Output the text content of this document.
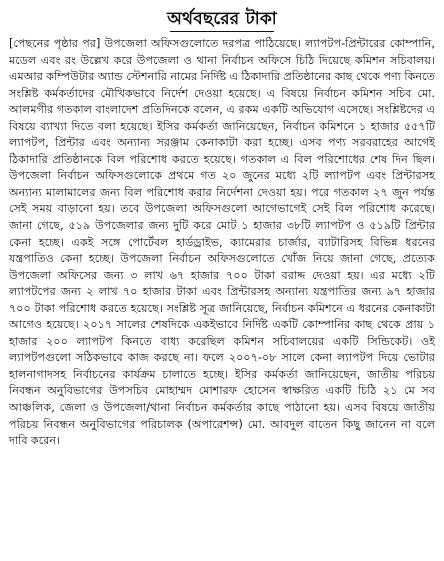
অর্থবছরের টাকা

[পেছনের পৃষ্ঠার পর] উপজেলা অফিসগুলোতে দরপত্র পাঠিয়েছে। ল্যাপটপ-প্রিন্টারের কোম্পানি, মডেল এবং রং উল্লেখ করে উপজেলা ও থানা নির্বাচন অফিসে চিঠি দিয়েছে কমিশন সচিবালয়। এমআর কম্পিউটার অ্যান্ড স্টেশনারি নামের নির্দিষ্ট এ ঠিকাদারি প্রতিষ্ঠানের কাছ থেকে পণ্য কিনতে সংশ্লিষ্ট কর্মকর্তাদের মৌখিকভাবে নির্দেশ দেওয়া হয়েছে। এ বিষয়ে নির্বাচন কমিশন সচিব মো. আলমগীর গতকাল বাংলাদেশ প্রতিদিনকে বলেন, এ রকম একটি অভিযোগ এসেছে। সংশ্লিষ্টদের এ বিষয়ে ব্যাখ্যা দিতে বলা হয়েছে। ইসির কর্মকর্তা জানিয়েছেন, নির্বাচন কমিশনে ১ হাজার ৫৫৭টি ল্যাপটপ, প্রিন্টার এবং অন্যান্য সরঞ্জাম কেনাকাটা করা হচ্ছে। এসব পণ্য সরবরাহের আগেই ঠিকাদারি প্রতিষ্ঠানকে বিল পরিশোধ করতে হয়েছে। গতকাল এ বিল পরিশোধের শেষ দিন ছিল। উপজেলা নির্বাচন অফিসগুলোকে প্রথমে গত ২০ জুনের মধ্যে ২টি ল্যাপটপ এবং প্রিন্টারসহ অন্যান্য মালামালের জন্য বিল পরিশোধ করার নির্দেশনা দেওয়া হয়। পরে গতকাল ২৭ জুন পর্যন্ত সেই সময় বাড়ানো হয়। তবে উপজেলা অফিসগুলো আগেভাগেই সেই বিল পরিশোধ করেছে। জানা গেছে, ৫১৯ উপজেলার জন্য দুটি করে মোট ১ হাজার ৩৮টি ল্যাপটপ ও ৫১৯টি প্রিন্টার কেনা হচ্ছে। একই সঙ্গে পোর্টেবল হার্ডড্রাইভ, ক্যামেরার চার্জার, ব্যাটারিসহ বিভিন্ন ধরনের যন্ত্রপাতিও কেনা হচ্ছে। উপজেলা নির্বাচন অফিসগুলোতে খোঁজ নিয়ে জানা গেছে, প্রত্যেক উপজেলা অফিসের জন্য ৩ লাখ ৬৭ হাজার ৭০০ টাকা বরাদ্দ দেওয়া হয়। এর মধ্যে ২টি ল্যাপটপের জন্য ২ লাখ ৭০ হাজার টাকা এবং প্রিন্টারসহ অন্যান্য যন্ত্রপাতির জন্য ৯৭ হাজার ৭০০ টাকা পরিশোধ করতে হয়েছে। সংশ্লিষ্ট সূত্র জানিয়েছে, নির্বাচন কমিশনে এ ধরনের কেনাকাটা আগেও হয়েছে। ২০১৭ সালের শেষদিকে একইভাবে নির্দিষ্ট একটি কোম্পানির কাছ থেকে প্রায় ১ হাজার ২০০ ল্যাপটপ কিনতে বাধ্য করেছিল কমিশন সচিবালয়ের একটি সিন্ডিকেট। ওই ল্যাপটপগুলো সঠিকভাবে কাজ করছে না। ফলে ২০০৭-০৮ সালে কেনা ল্যাপটপ দিয়ে ভোটার হালনাগাদসহ নির্বাচনের কার্যক্রম চালাতে হচ্ছে। ইসির কর্মকর্তা জানিয়েছেন, জাতীয় পরিচয় নিবন্ধন অনুবিভাগের উপসচিব মোহাম্মদ মোশারফ হোসেন স্বাক্ষরিত একটি চিঠি ২১ মে সব আঞ্চলিক, জেলা ও উপজেলা/থানা নির্বাচন কর্মকর্তার কাছে পাঠানো হয়। এসব বিষয়ে জাতীয় পরিচয় নিবন্ধন অনুবিভাগের পরিচালক (অপারেশন্স) মো. আবদুল বাতেন কিছু জানেন না বলে দাবি করেন।
